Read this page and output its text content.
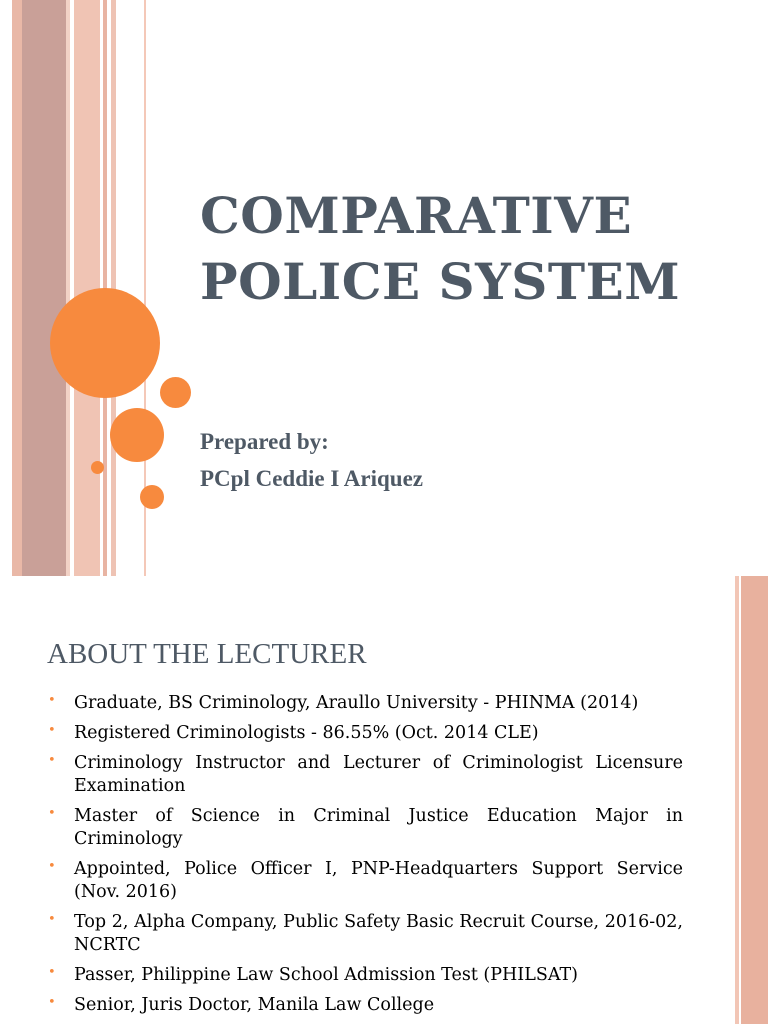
COMPARATIVE
POLICE SYSTEM
Prepared by:
PCpl Ceddie I Ariquez
ABOUT THE LECTURER
• Graduate, BS Criminology, Araullo University - PHINMA (2014)
• Registered Criminologists - 86.55% (Oct. 2014 CLE)
• Criminology Instructor and Lecturer of Criminologist Licensure Examination
• Master of Science in Criminal Justice Education Major in Criminology
• Appointed, Police Officer I, PNP-Headquarters Support Service (Nov. 2016)
• Top 2, Alpha Company, Public Safety Basic Recruit Course, 2016-02, NCRTC
• Passer, Philippine Law School Admission Test (PHILSAT)
• Senior, Juris Doctor, Manila Law College
